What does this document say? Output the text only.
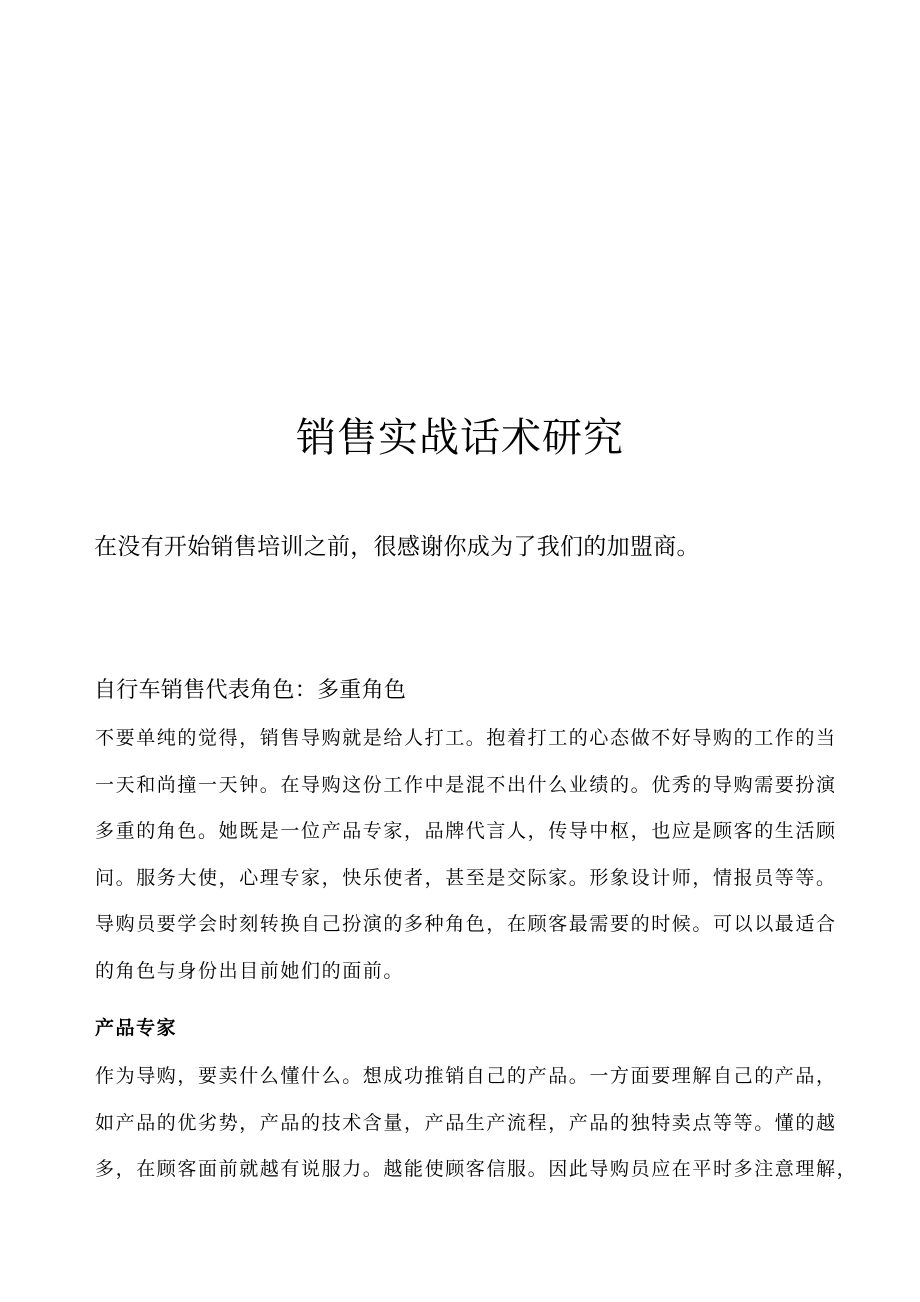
销售实战话术研究

在没有开始销售培训之前，很感谢你成为了我们的加盟商。

自行车销售代表角色：多重角色
不要单纯的觉得，销售导购就是给人打工。抱着打工的心态做不好导购的工作的当
一天和尚撞一天钟。在导购这份工作中是混不出什么业绩的。优秀的导购需要扮演
多重的角色。她既是一位产品专家，品牌代言人，传导中枢，也应是顾客的生活顾
问。服务大使，心理专家，快乐使者，甚至是交际家。形象设计师，情报员等等。
导购员要学会时刻转换自己扮演的多种角色，在顾客最需要的时候。可以以最适合
的角色与身份出目前她们的面前。
产品专家
作为导购，要卖什么懂什么。想成功推销自己的产品。一方面要理解自己的产品，
如产品的优劣势，产品的技术含量，产品生产流程，产品的独特卖点等等。懂的越
多，在顾客面前就越有说服力。越能使顾客信服。因此导购员应在平时多注意理解，
